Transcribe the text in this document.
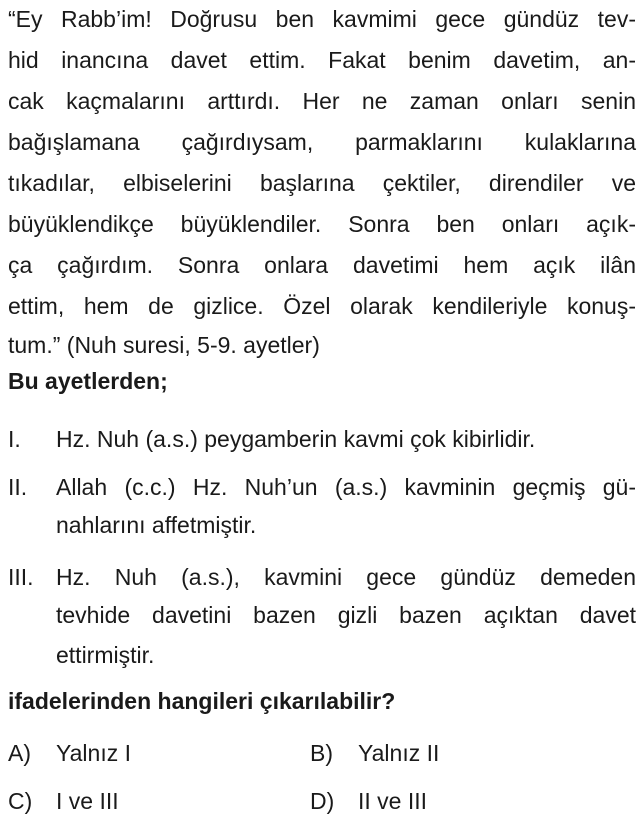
“Ey Rabb’im! Doğrusu ben kavmimi gece gündüz tev-
hid inancına davet ettim. Fakat benim davetim, an-
cak kaçmalarını arttırdı. Her ne zaman onları senin
bağışlamana çağırdıysam, parmaklarını kulaklarına
tıkadılar, elbiselerini başlarına çektiler, direndiler ve
büyüklendikçe büyüklendiler. Sonra ben onları açık-
ça çağırdım. Sonra onlara davetimi hem açık ilân
ettim, hem de gizlice. Özel olarak kendileriyle konuş-
tum.” (Nuh suresi, 5-9. ayetler)
Bu ayetlerden;
I. Hz. Nuh (a.s.) peygamberin kavmi çok kibirlidir.
II. Allah (c.c.) Hz. Nuh’un (a.s.) kavminin geçmiş gü-
nahlarını affetmiştir.
III. Hz. Nuh (a.s.), kavmini gece gündüz demeden
tevhide davetini bazen gizli bazen açıktan davet
ettirmiştir.
ifadelerinden hangileri çıkarılabilir?
A) Yalnız I	B) Yalnız II
C) I ve III	D) II ve III
